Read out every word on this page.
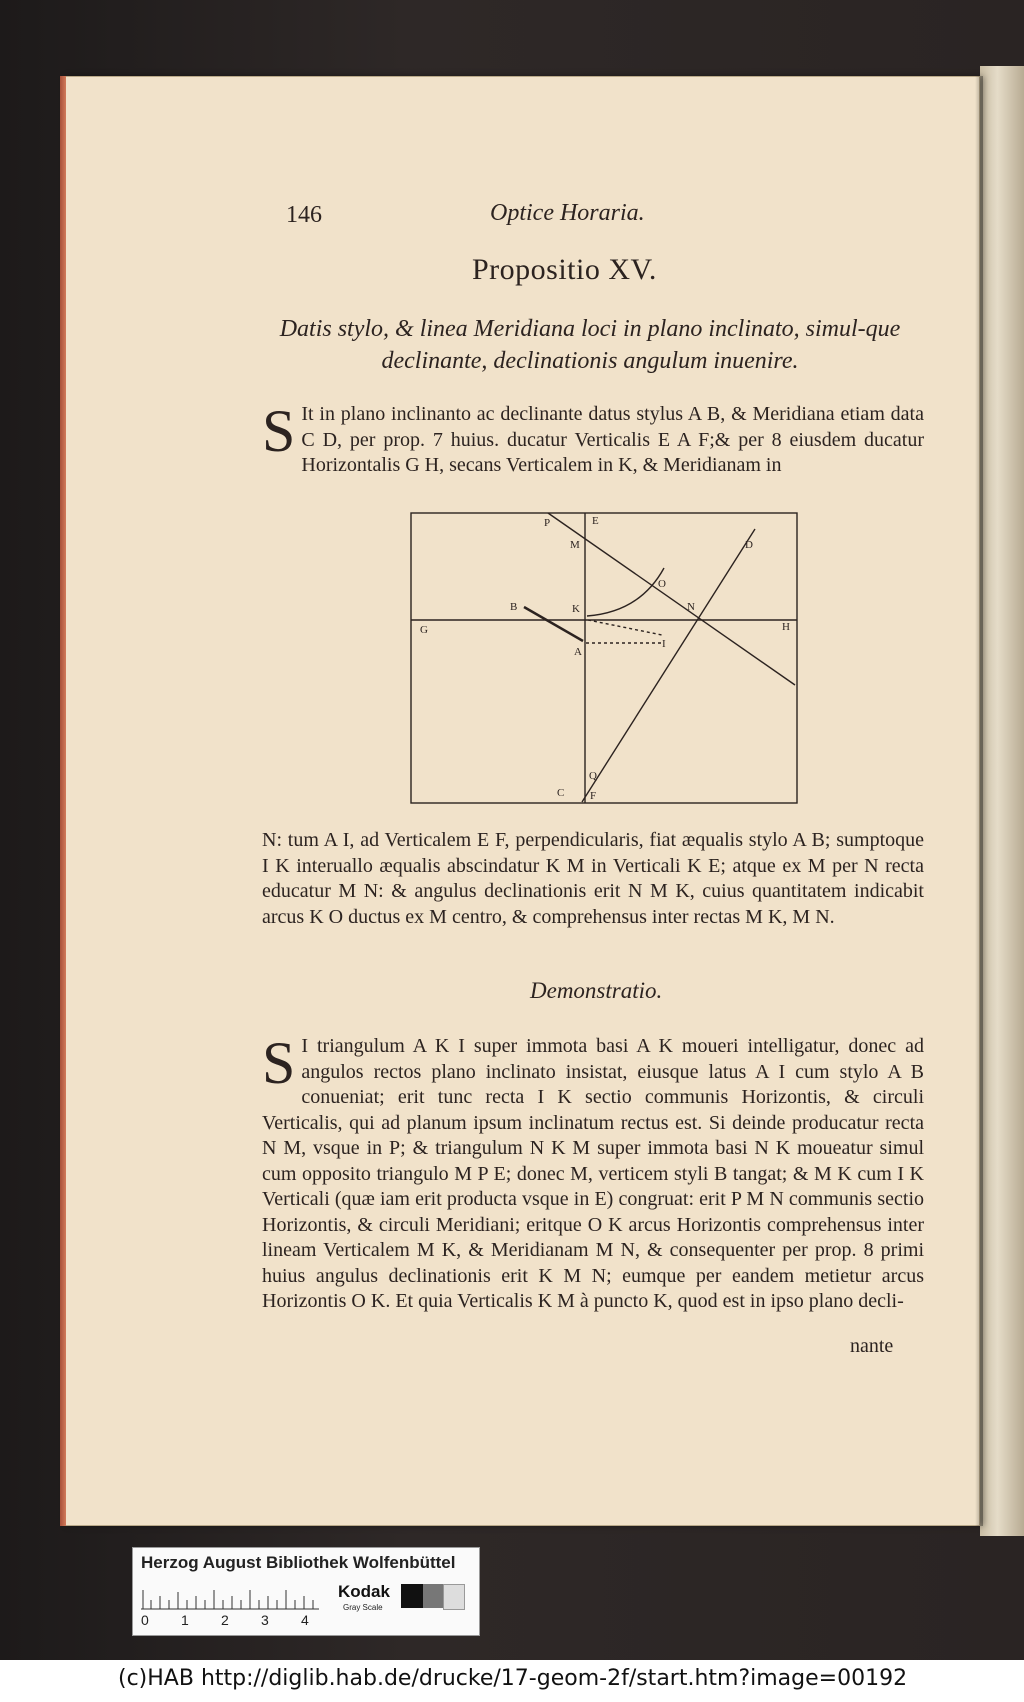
146	Optice Horaria.
Propositio XV.
Datis stylo, & linea Meridiana loci in plano inclinato, simul-que declinante, declinationis angulum inuenire.
S It in plano inclinanto ac declinante datus stylus A B, & Meridiana etiam data C D, per prop. 7 huius. ducatur Verticalis E A F;& per 8 eiusdem ducatur Horizontalis G H, secans Verticalem in K, & Meridianam in
P	E
M	D
O
B	K	N
G	H
A
I
C
Q
F
N: tum A I, ad Verticalem E F, perpendicularis, fiat æqualis stylo A B; sumptoque I K interuallo æqualis abscindatur K M in Verticali K E; atque ex M per N recta educatur M N: & angulus declinationis erit N M K, cuius quantitatem indicabit arcus K O ductus ex M centro, & comprehensus inter rectas M K, M N.
Demonstratio.
S I triangulum A K I super immota basi A K moueri intelligatur, donec ad angulos rectos plano inclinato insistat, eiusque latus A I cum stylo A B conueniat; erit tunc recta I K sectio communis Horizontis, & circuli Verticalis, qui ad planum ipsum inclinatum rectus est. Si deinde producatur recta N M, vsque in P; & triangulum N K M super immota basi N K moueatur simul cum opposito triangulo M P E; donec M, verticem styli B tangat; & M K cum I K Verticali (quæ iam erit producta vsque in E) congruat: erit P M N communis sectio Horizontis, & circuli Meridiani; eritque O K arcus Horizontis comprehensus inter lineam Verticalem M K, & Meridianam M N, & consequenter per prop. 8 primi huius angulus declinationis erit K M N; eumque per eandem metietur arcus Horizontis O K. Et quia Verticalis K M à puncto K, quod est in ipso plano decli-
nante
Herzog August Bibliothek Wolfenbüttel
0 1 2 3 4
Kodak
Gray Scale
(c)HAB http://diglib.hab.de/drucke/17-geom-2f/start.htm?image=00192
